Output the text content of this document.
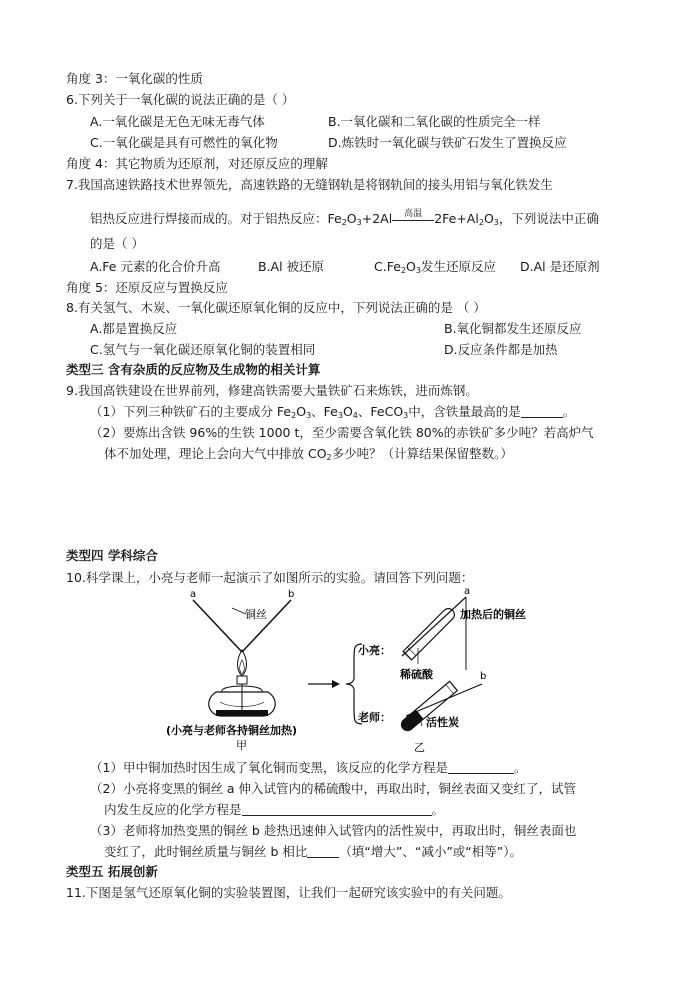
角度 3：一氧化碳的性质
6.下列关于一氧化碳的说法正确的是（ ）
A.一氧化碳是无色无味无毒气体	B.一氧化碳和二氧化碳的性质完全一样
C.一氧化碳是具有可燃性的氧化物	D.炼铁时一氧化碳与铁矿石发生了置换反应
角度 4：其它物质为还原剂，对还原反应的理解
7.我国高速铁路技术世界领先，高速铁路的无缝钢轨是将钢轨间的接头用铝与氧化铁发生
铝热反应进行焊接而成的。对于铝热反应：$Fe_2O_3+2Al$	高温 $2Fe+Al_2O_3$，下列说法中正确
的是（ ）
A.Fe 元素的化合价升高	B.Al 被还原	$C.Fe_2O_3$发生还原反应 D.Al 是还原剂
角度 5：还原反应与置换反应
8.有关氢气、木炭、一氧化碳还原氧化铜的反应中，下列说法正确的是 （ ）
A.都是置换反应	B.氧化铜都发生还原反应
C.氢气与一氧化碳还原氧化铜的装置相同	D.反应条件都是加热
类型三 含有杂质的反应物及生成物的相关计算
9.我国高铁建设在世界前列，修建高铁需要大量铁矿石来炼铁，进而炼钢。
（1）下列三种铁矿石的主要成分 $Fe_2O_3$、$Fe_3O_4$、FeCO$_3$中，含铁量最高的是	。
（2）要炼出含铁 96%的生铁 1000 t，至少需要含氧化铁 80%的赤铁矿多少吨？若高炉气
体不加处理，理论上会向大气中排放 $CO_2$多少吨？（计算结果保留整数。）
类型四 学科综合
10.科学课上，小亮与老师一起演示了如图所示的实验。请回答下列问题：
a	b
铜丝
(小亮与老师各持铜丝加热)
甲
小亮：
a
加热后的铜丝
稀硫酸	b
老师：	活性炭
乙
（1）甲中铜加热时因生成了氧化铜而变黑，该反应的化学方程是	。
（2）小亮将变黑的铜丝 a 伸入试管内的稀硫酸中，再取出时，铜丝表面又变红了，试管
内发生反应的化学方程是	。
（3）老师将加热变黑的铜丝 b 趁热迅速伸入试管内的活性炭中，再取出时，铜丝表面也
变红了，此时铜丝质量与铜丝 b 相比	（填“增大”、“减小”或“相等”）。
类型五 拓展创新
11.下图是氢气还原氧化铜的实验装置图，让我们一起研究该实验中的有关问题。
